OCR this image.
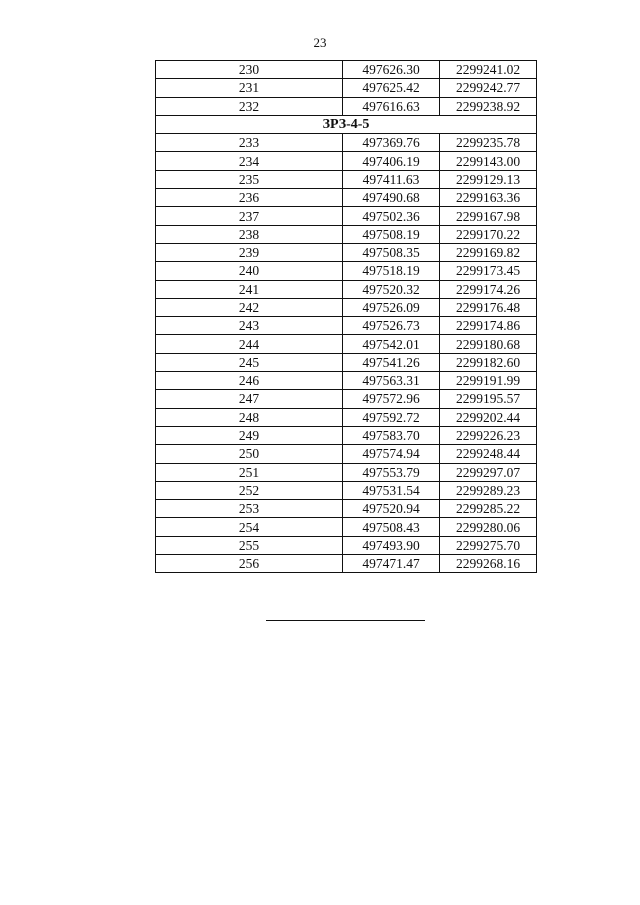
23
230	497626.30	2299241.02
231	497625.42	2299242.77
232	497616.63	2299238.92
ЗРЗ-4-5		
233	497369.76	2299235.78
234	497406.19	2299143.00
235	497411.63	2299129.13
236	497490.68	2299163.36
237	497502.36	2299167.98
238	497508.19	2299170.22
239	497508.35	2299169.82
240	497518.19	2299173.45
241	497520.32	2299174.26
242	497526.09	2299176.48
243	497526.73	2299174.86
244	497542.01	2299180.68
245	497541.26	2299182.60
246	497563.31	2299191.99
247	497572.96	2299195.57
248	497592.72	2299202.44
249	497583.70	2299226.23
250	497574.94	2299248.44
251	497553.79	2299297.07
252	497531.54	2299289.23
253	497520.94	2299285.22
254	497508.43	2299280.06
255	497493.90	2299275.70
256	497471.47	2299268.16
